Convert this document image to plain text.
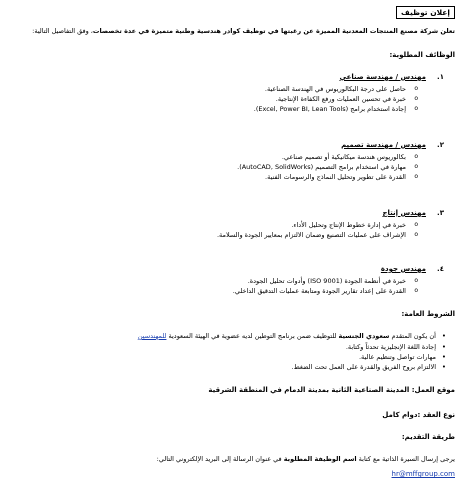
إعلان توظيف
تعلن شركة مصنع المنتجات المعدنية المميزة عن رغبتها في توظيف كوادر هندسية وطنية متميزة في عدة تخصصات، وفق التفاصيل التالية:
الوظائف المطلوبة:
١.
مهندس / مهندسة صناعي
o حاصل على درجة البكالوريوس في الهندسة الصناعية.
o خبرة في تحسين العمليات ورفع الكفاءة الإنتاجية.
o إجادة استخدام برامج (Excel, Power BI, Lean Tools).
٢.
مهندس / مهندسة تصميم
o بكالوريوس هندسة ميكانيكية أو تصميم صناعي.
o مهارة في استخدام برامج التصميم (AutoCAD, SolidWorks).
o القدرة على تطوير وتحليل النماذج والرسومات الفنية.
٣.
مهندس إنتاج
o خبرة في إدارة خطوط الإنتاج وتحليل الأداء.
o الإشراف على عمليات التصنيع وضمان الالتزام بمعايير الجودة والسلامة.
٤.
مهندس جودة
o خبرة في أنظمة الجودة (ISO 9001) وأدوات تحليل الجودة.
o القدرة على إعداد تقارير الجودة ومتابعة عمليات التدقيق الداخلي.
الشروط العامة:
• أن يكون المتقدم سعودي الجنسية للتوظيف ضمن برنامج التوطين لديه عضوية في الهيئة السعودية للمهندسين
• إجادة اللغة الإنجليزية تحدثاً وكتابة.
• مهارات تواصل وتنظيم عالية.
• الالتزام بروح الفريق والقدرة على العمل تحت الضغط.
موقع العمل: المدينة الصناعية الثانية بمدينة الدمام في المنطقة الشرقية
نوع العقد :دوام كامل
طريقة التقديم:
يرجى إرسال السيرة الذاتية مع كتابة اسم الوظيفة المطلوبة في عنوان الرسالة إلى البريد الإلكتروني التالي:
hr@mffgroup.com
